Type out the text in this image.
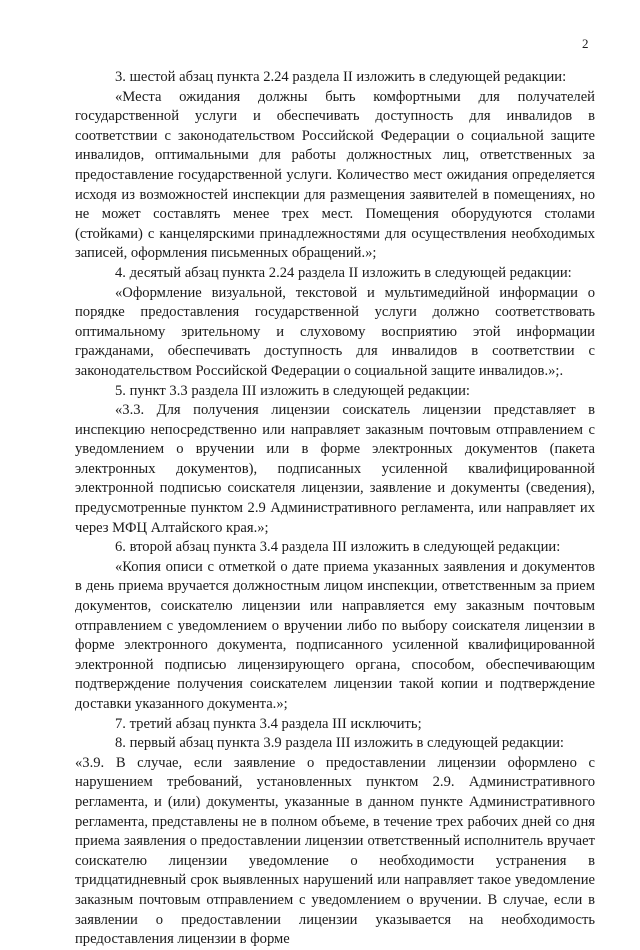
2

3. шестой абзац пункта 2.24 раздела II изложить в следующей редакции:

«Места ожидания должны быть комфортными для получателей государственной услуги и обеспечивать доступность для инвалидов в соответствии с законодательством Российской Федерации о социальной защите инвалидов, оптимальными для работы должностных лиц, ответственных за предоставление государственной услуги. Количество мест ожидания определяется исходя из возможностей инспекции для размещения заявителей в помещениях, но не может составлять менее трех мест. Помещения оборудуются столами (стойками) с канцелярскими принадлежностями для осуществления необходимых записей, оформления письменных обращений.»;

4. десятый абзац пункта 2.24 раздела II изложить в следующей редакции:

«Оформление визуальной, текстовой и мультимедийной информации о порядке предоставления государственной услуги должно соответствовать оптимальному зрительному и слуховому восприятию этой информации гражданами, обеспечивать доступность для инвалидов в соответствии с законодательством Российской Федерации о социальной защите инвалидов.»;.

5. пункт 3.3 раздела III изложить в следующей редакции:

«3.3. Для получения лицензии соискатель лицензии представляет в инспекцию непосредственно или направляет заказным почтовым отправлением с уведомлением о вручении или в форме электронных документов (пакета электронных документов), подписанных усиленной квалифицированной электронной подписью соискателя лицензии, заявление и документы (сведения), предусмотренные пунктом 2.9 Административного регламента, или направляет их через МФЦ Алтайского края.»;

6. второй абзац пункта 3.4 раздела III изложить в следующей редакции:

«Копия описи с отметкой о дате приема указанных заявления и документов в день приема вручается должностным лицом инспекции, ответственным за прием документов, соискателю лицензии или направляется ему заказным почтовым отправлением с уведомлением о вручении либо по выбору соискателя лицензии в форме электронного документа, подписанного усиленной квалифицированной электронной подписью лицензирующего органа, способом, обеспечивающим подтверждение получения соискателем лицензии такой копии и подтверждение доставки указанного документа.»;

7. третий абзац пункта 3.4 раздела III исключить;

8. первый абзац пункта 3.9 раздела III изложить в следующей редакции:

«3.9. В случае, если заявление о предоставлении лицензии оформлено с нарушением требований, установленных пунктом 2.9. Административного регламента, и (или) документы, указанные в данном пункте Административного регламента, представлены не в полном объеме, в течение трех рабочих дней со дня приема заявления о предоставлении лицензии ответственный исполнитель вручает соискателю лицензии уведомление о необходимости устранения в тридцатидневный срок выявленных нарушений или направляет такое уведомление заказным почтовым отправлением с уведомлением о вручении. В случае, если в заявлении о предоставлении лицензии указывается на необходимость предоставления лицензии в форме
